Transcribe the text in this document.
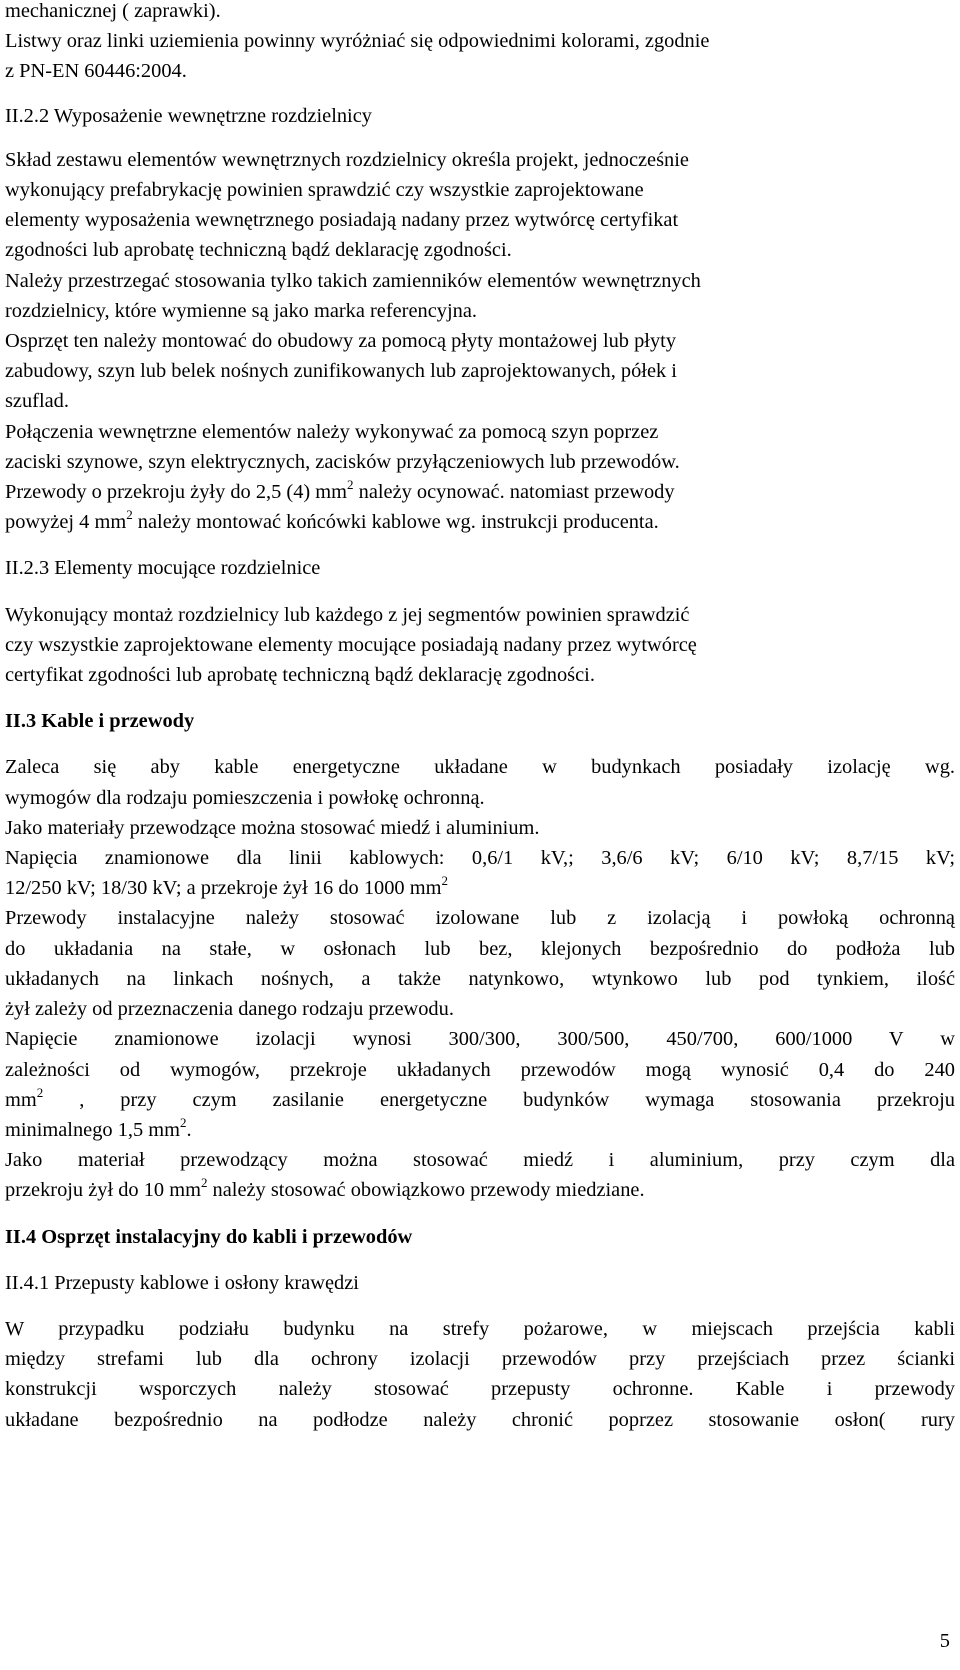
mechanicznej ( zaprawki).
Listwy oraz linki uziemienia powinny wyróżniać się odpowiednimi kolorami, zgodnie
z PN-EN 60446:2004.
II.2.2 Wyposażenie wewnętrzne rozdzielnicy
Skład zestawu elementów wewnętrznych rozdzielnicy określa projekt, jednocześnie
wykonujący prefabrykację powinien sprawdzić czy wszystkie zaprojektowane
elementy wyposażenia wewnętrznego posiadają nadany przez wytwórcę certyfikat
zgodności lub aprobatę techniczną bądź deklarację zgodności.
Należy przestrzegać stosowania tylko takich zamienników elementów wewnętrznych
rozdzielnicy, które wymienne są jako marka referencyjna.
Osprzęt ten należy montować do obudowy za pomocą płyty montażowej lub płyty
zabudowy, szyn lub belek nośnych zunifikowanych lub zaprojektowanych, półek i
szuflad.
Połączenia wewnętrzne elementów należy wykonywać za pomocą szyn poprzez
zaciski szynowe, szyn elektrycznych, zacisków przyłączeniowych lub przewodów.
Przewody o przekroju żyły do 2,5 (4) $mm^2$ należy ocynować. natomiast przewody
powyżej 4 $mm^2$ należy montować końcówki kablowe wg. instrukcji producenta.
II.2.3 Elementy mocujące rozdzielnice
Wykonujący montaż rozdzielnicy lub każdego z jej segmentów powinien sprawdzić
czy wszystkie zaprojektowane elementy mocujące posiadają nadany przez wytwórcę
certyfikat zgodności lub aprobatę techniczną bądź deklarację zgodności.
II.3 Kable i przewody
Zaleca się aby kable energetyczne układane w budynkach posiadały izolację wg.
wymogów dla rodzaju pomieszczenia i powłokę ochronną.
Jako materiały przewodzące można stosować miedź i aluminium.
Napięcia znamionowe dla linii kablowych: 0,6/1 kV,; 3,6/6 kV; 6/10 kV; 8,7/15 kV;
12/250 kV; 18/30 kV; a przekroje żył 16 do 1000 $mm^2$
Przewody instalacyjne należy stosować izolowane lub z izolacją i powłoką ochronną
do układania na stałe, w osłonach lub bez, klejonych bezpośrednio do podłoża lub
układanych na linkach nośnych, a także natynkowo, wtynkowo lub pod tynkiem, ilość
żył zależy od przeznaczenia danego rodzaju przewodu.
Napięcie znamionowe izolacji wynosi 300/300, 300/500, 450/700, 600/1000 V w
zależności od wymogów, przekroje układanych przewodów mogą wynosić 0,4 do 240
$mm^2$ , przy czym zasilanie energetyczne budynków wymaga stosowania przekroju
minimalnego 1,5 $mm^2$.
Jako materiał przewodzący można stosować miedź i aluminium, przy czym dla
przekroju żył do 10 $mm^2$ należy stosować obowiązkowo przewody miedziane.
II.4 Osprzęt instalacyjny do kabli i przewodów
II.4.1 Przepusty kablowe i osłony krawędzi
W przypadku podziału budynku na strefy pożarowe, w miejscach przejścia kabli
między strefami lub dla ochrony izolacji przewodów przy przejściach przez ścianki
konstrukcji wsporczych należy stosować przepusty ochronne. Kable i przewody
układane bezpośrednio na podłodze należy chronić poprzez stosowanie osłon( rury
5
